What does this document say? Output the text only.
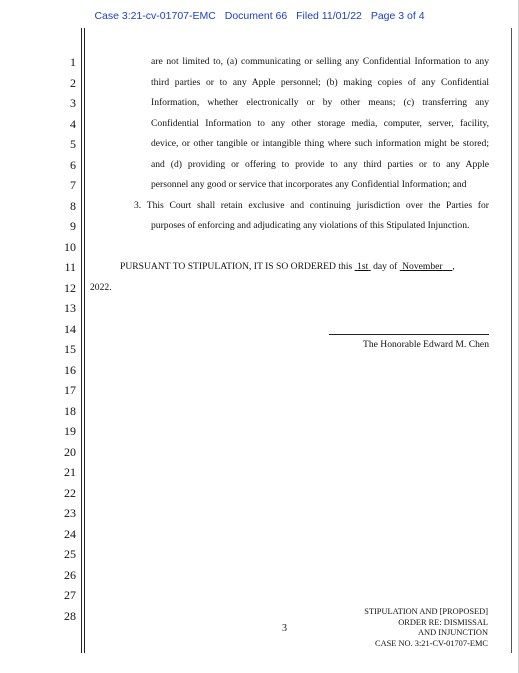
Case 3:21-cv-01707-EMC Document 66 Filed 11/01/22 Page 3 of 4
1
2
3
4
5
6
7
8
9
10
11
12
13
14
15
16
17
18
19
20
21
22
23
24
25
26
27
28
are not limited to, (a) communicating or selling any Confidential Information to any
third parties or to any Apple personnel; (b) making copies of any Confidential
Information, whether electronically or by other means; (c) transferring any
Confidential Information to any other storage media, computer, server, facility,
device, or other tangible or intangible thing where such information might be stored;
and (d) providing or offering to provide to any third parties or to any Apple
personnel any good or service that incorporates any Confidential Information; and
3. This Court shall retain exclusive and continuing jurisdiction over the Parties for
purposes of enforcing and adjudicating any violations of this Stipulated Injunction.
PURSUANT TO STIPULATION, IT IS SO ORDERED this 1st day of November ,
2022.
The Honorable Edward M. Chen
3
STIPULATION AND [PROPOSED]
ORDER RE: DISMISSAL
AND INJUNCTION
CASE NO. 3:21-CV-01707-EMC
